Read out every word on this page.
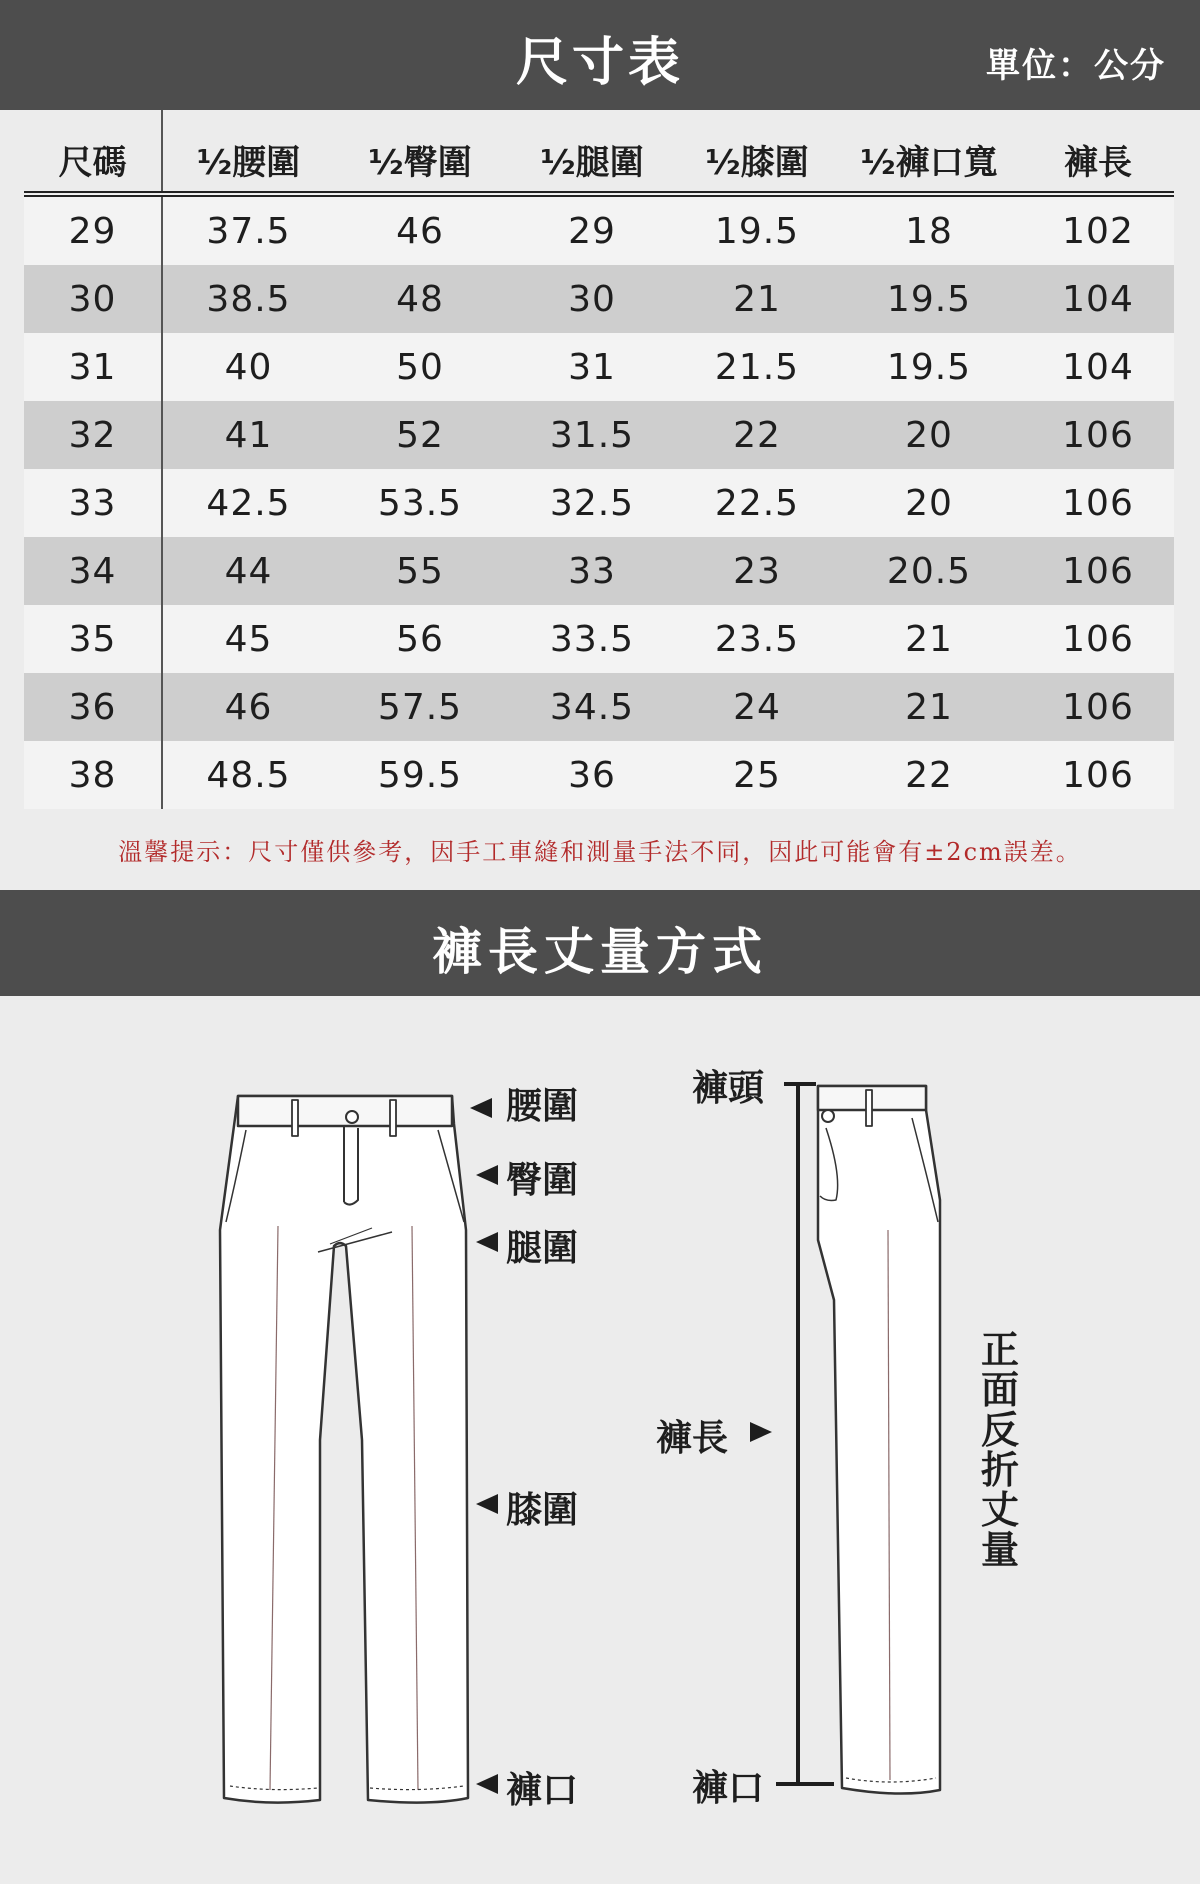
尺寸表	單位：公分
尺碼	½腰圍	½臀圍	½腿圍	½膝圍	½褲口寬	褲長
29	37.5	46	29	19.5	18	102
30	38.5	48	30	21	19.5	104
31	40	50	31	21.5	19.5	104
32	41	52	31.5	22	20	106
33	42.5	53.5	32.5	22.5	20	106
34	44	55	33	23	20.5	106
35	45	56	33.5	23.5	21	106
36	46	57.5	34.5	24	21	106
38	48.5	59.5	36	25	22	106
溫馨提示：尺寸僅供參考，因手工車縫和測量手法不同，因此可能會有±2cm誤差。
褲長丈量方式
腰圍
臀圍
腿圍
膝圍
褲口
褲頭
褲長
褲口
正面反折丈量
